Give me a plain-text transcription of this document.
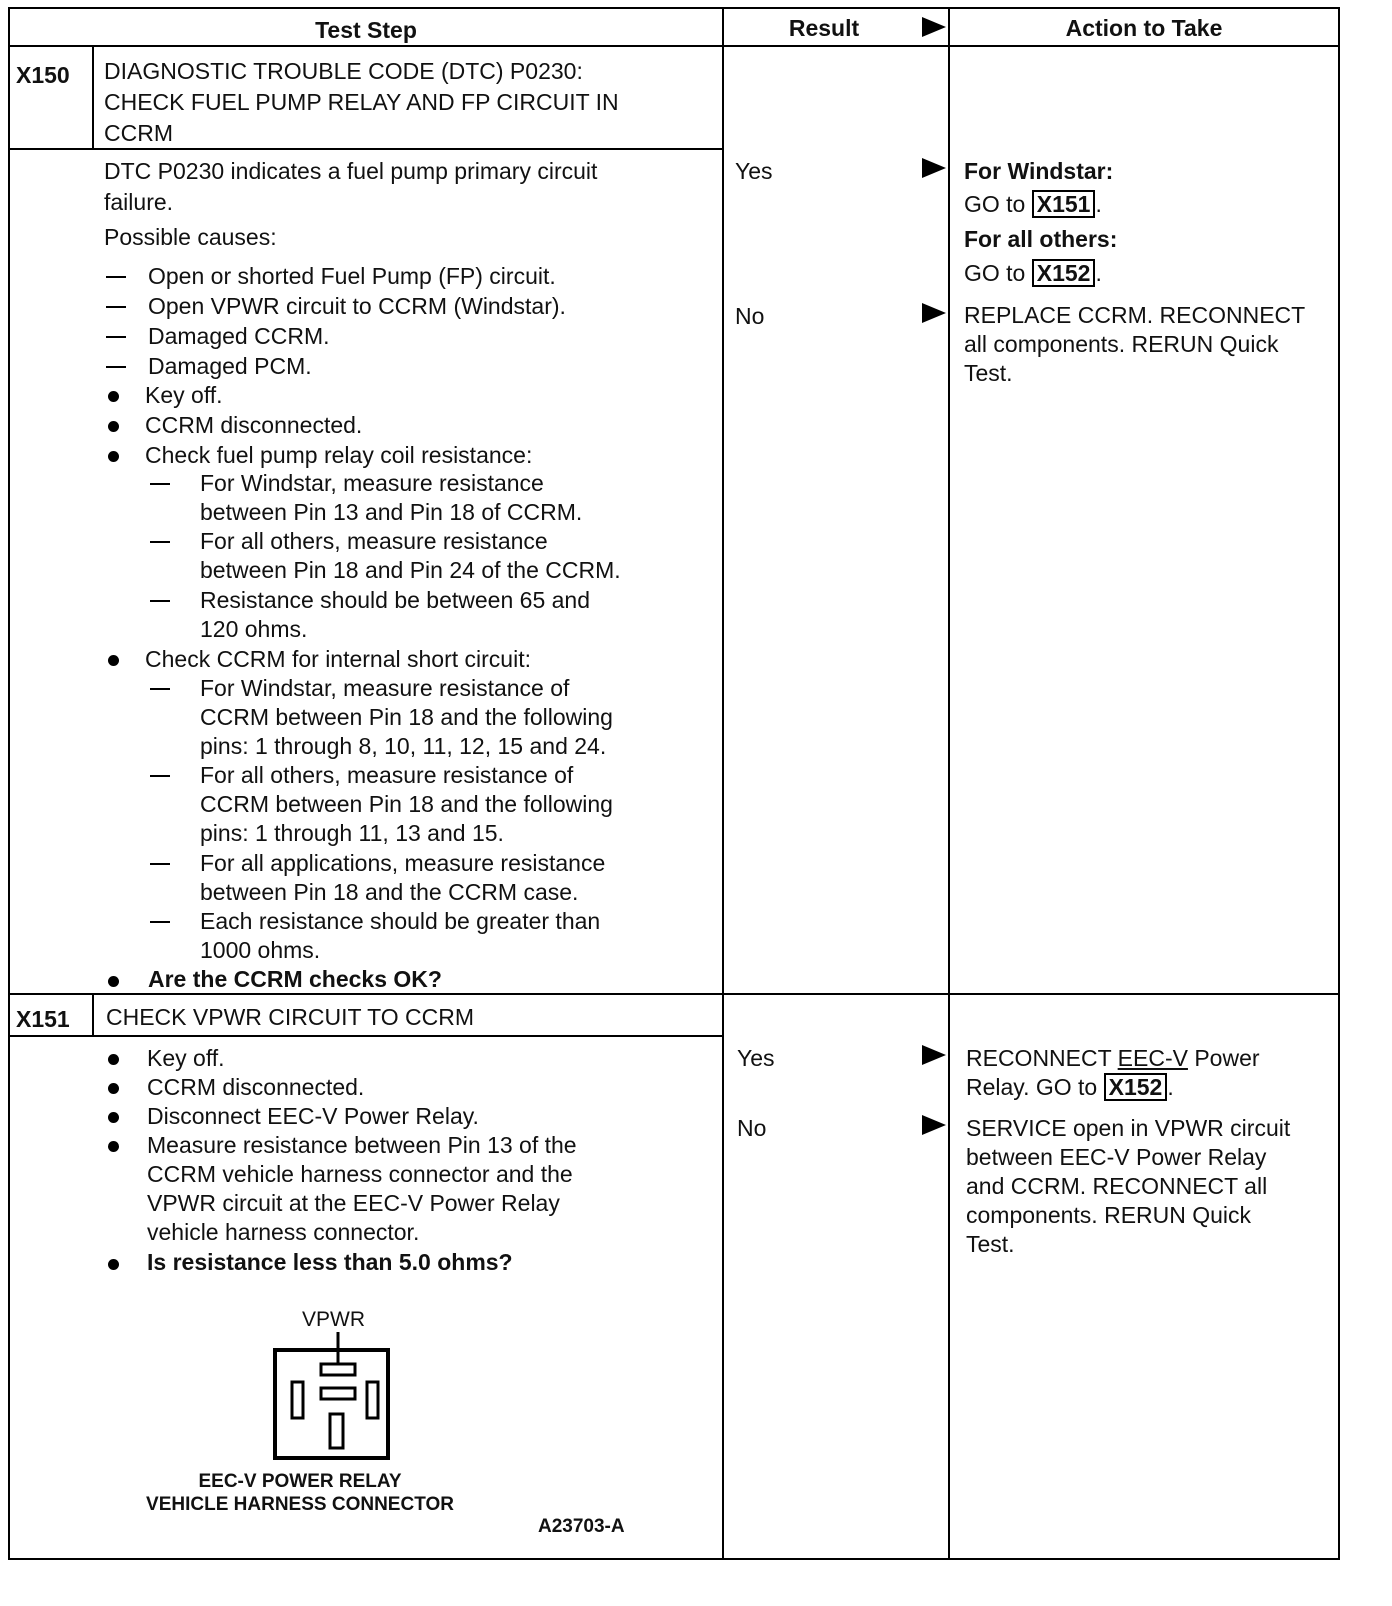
Test Step	Result	Action to Take
X150 DIAGNOSTIC TROUBLE CODE (DTC) P0230:
CHECK FUEL PUMP RELAY AND FP CIRCUIT IN
CCRM
DTC P0230 indicates a fuel pump primary circuit
failure.
Possible causes:
Open or shorted Fuel Pump (FP) circuit.
Open VPWR circuit to CCRM (Windstar).
Damaged CCRM.
Damaged PCM.
Key off.
CCRM disconnected.
Check fuel pump relay coil resistance:
For Windstar, measure resistance
between Pin 13 and Pin 18 of CCRM.
For all others, measure resistance
between Pin 18 and Pin 24 of the CCRM.
Resistance should be between 65 and
120 ohms.
Check CCRM for internal short circuit:
For Windstar, measure resistance of
CCRM between Pin 18 and the following
pins: 1 through 8, 10, 11, 12, 15 and 24.
For all others, measure resistance of
CCRM between Pin 18 and the following
pins: 1 through 11, 13 and 15.
For all applications, measure resistance
between Pin 18 and the CCRM case.
Each resistance should be greater than
1000 ohms.
Are the CCRM checks OK?
Yes
No
For Windstar:
GO to X151 .
For all others:
GO to X152 .
REPLACE CCRM. RECONNECT
all components. RERUN Quick
Test.
X151 CHECK VPWR CIRCUIT TO CCRM
Key off.
CCRM disconnected.
Disconnect EEC-V Power Relay.
Measure resistance between Pin 13 of the
CCRM vehicle harness connector and the
VPWR circuit at the EEC-V Power Relay
vehicle harness connector.
Is resistance less than 5.0 ohms?
VPWR
EEC-V POWER RELAY
VEHICLE HARNESS CONNECTOR
A23703-A
Yes
No
RECONNECT EEC-V Power
Relay. GO to X152 .
SERVICE open in VPWR circuit
between EEC-V Power Relay
and CCRM. RECONNECT all
components. RERUN Quick
Test.
